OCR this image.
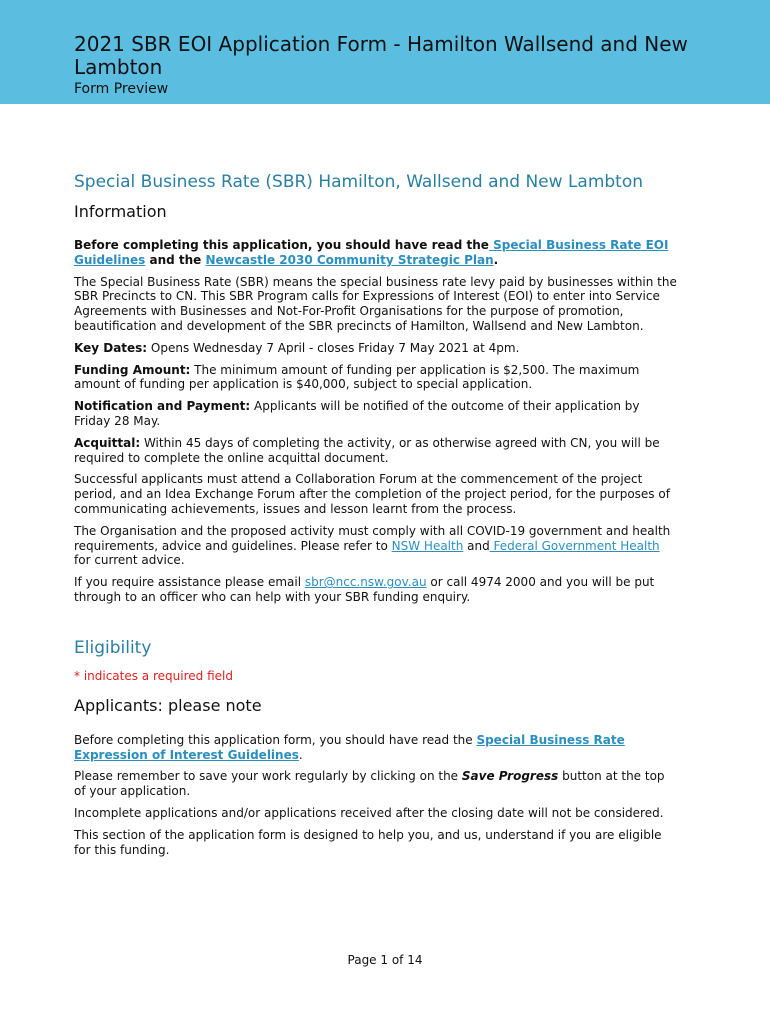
2021 SBR EOI Application Form - Hamilton Wallsend and New Lambton
Form Preview
Special Business Rate (SBR) Hamilton, Wallsend and New Lambton
Information

Before completing this application, you should have read the Special Business Rate EOI Guidelines and the Newcastle 2030 Community Strategic Plan.

The Special Business Rate (SBR) means the special business rate levy paid by businesses within the SBR Precincts to CN. This SBR Program calls for Expressions of Interest (EOI) to enter into Service Agreements with Businesses and Not-For-Profit Organisations for the purpose of promotion, beautification and development of the SBR precincts of Hamilton, Wallsend and New Lambton.

Key Dates: Opens Wednesday 7 April - closes Friday 7 May 2021 at 4pm.

Funding Amount: The minimum amount of funding per application is $2,500. The maximum amount of funding per application is $40,000, subject to special application.

Notification and Payment: Applicants will be notified of the outcome of their application by Friday 28 May.

Acquittal: Within 45 days of completing the activity, or as otherwise agreed with CN, you will be required to complete the online acquittal document.

Successful applicants must attend a Collaboration Forum at the commencement of the project period, and an Idea Exchange Forum after the completion of the project period, for the purposes of communicating achievements, issues and lesson learnt from the process.

The Organisation and the proposed activity must comply with all COVID-19 government and health requirements, advice and guidelines. Please refer to NSW Health and Federal Government Health for current advice.

If you require assistance please email sbr@ncc.nsw.gov.au or call 4974 2000 and you will be put through to an officer who can help with your SBR funding enquiry.

Eligibility
* indicates a required field
Applicants: please note

Before completing this application form, you should have read the Special Business Rate Expression of Interest Guidelines.

Please remember to save your work regularly by clicking on the Save Progress button at the top of your application.

Incomplete applications and/or applications received after the closing date will not be considered.

This section of the application form is designed to help you, and us, understand if you are eligible for this funding.

Page 1 of 14
